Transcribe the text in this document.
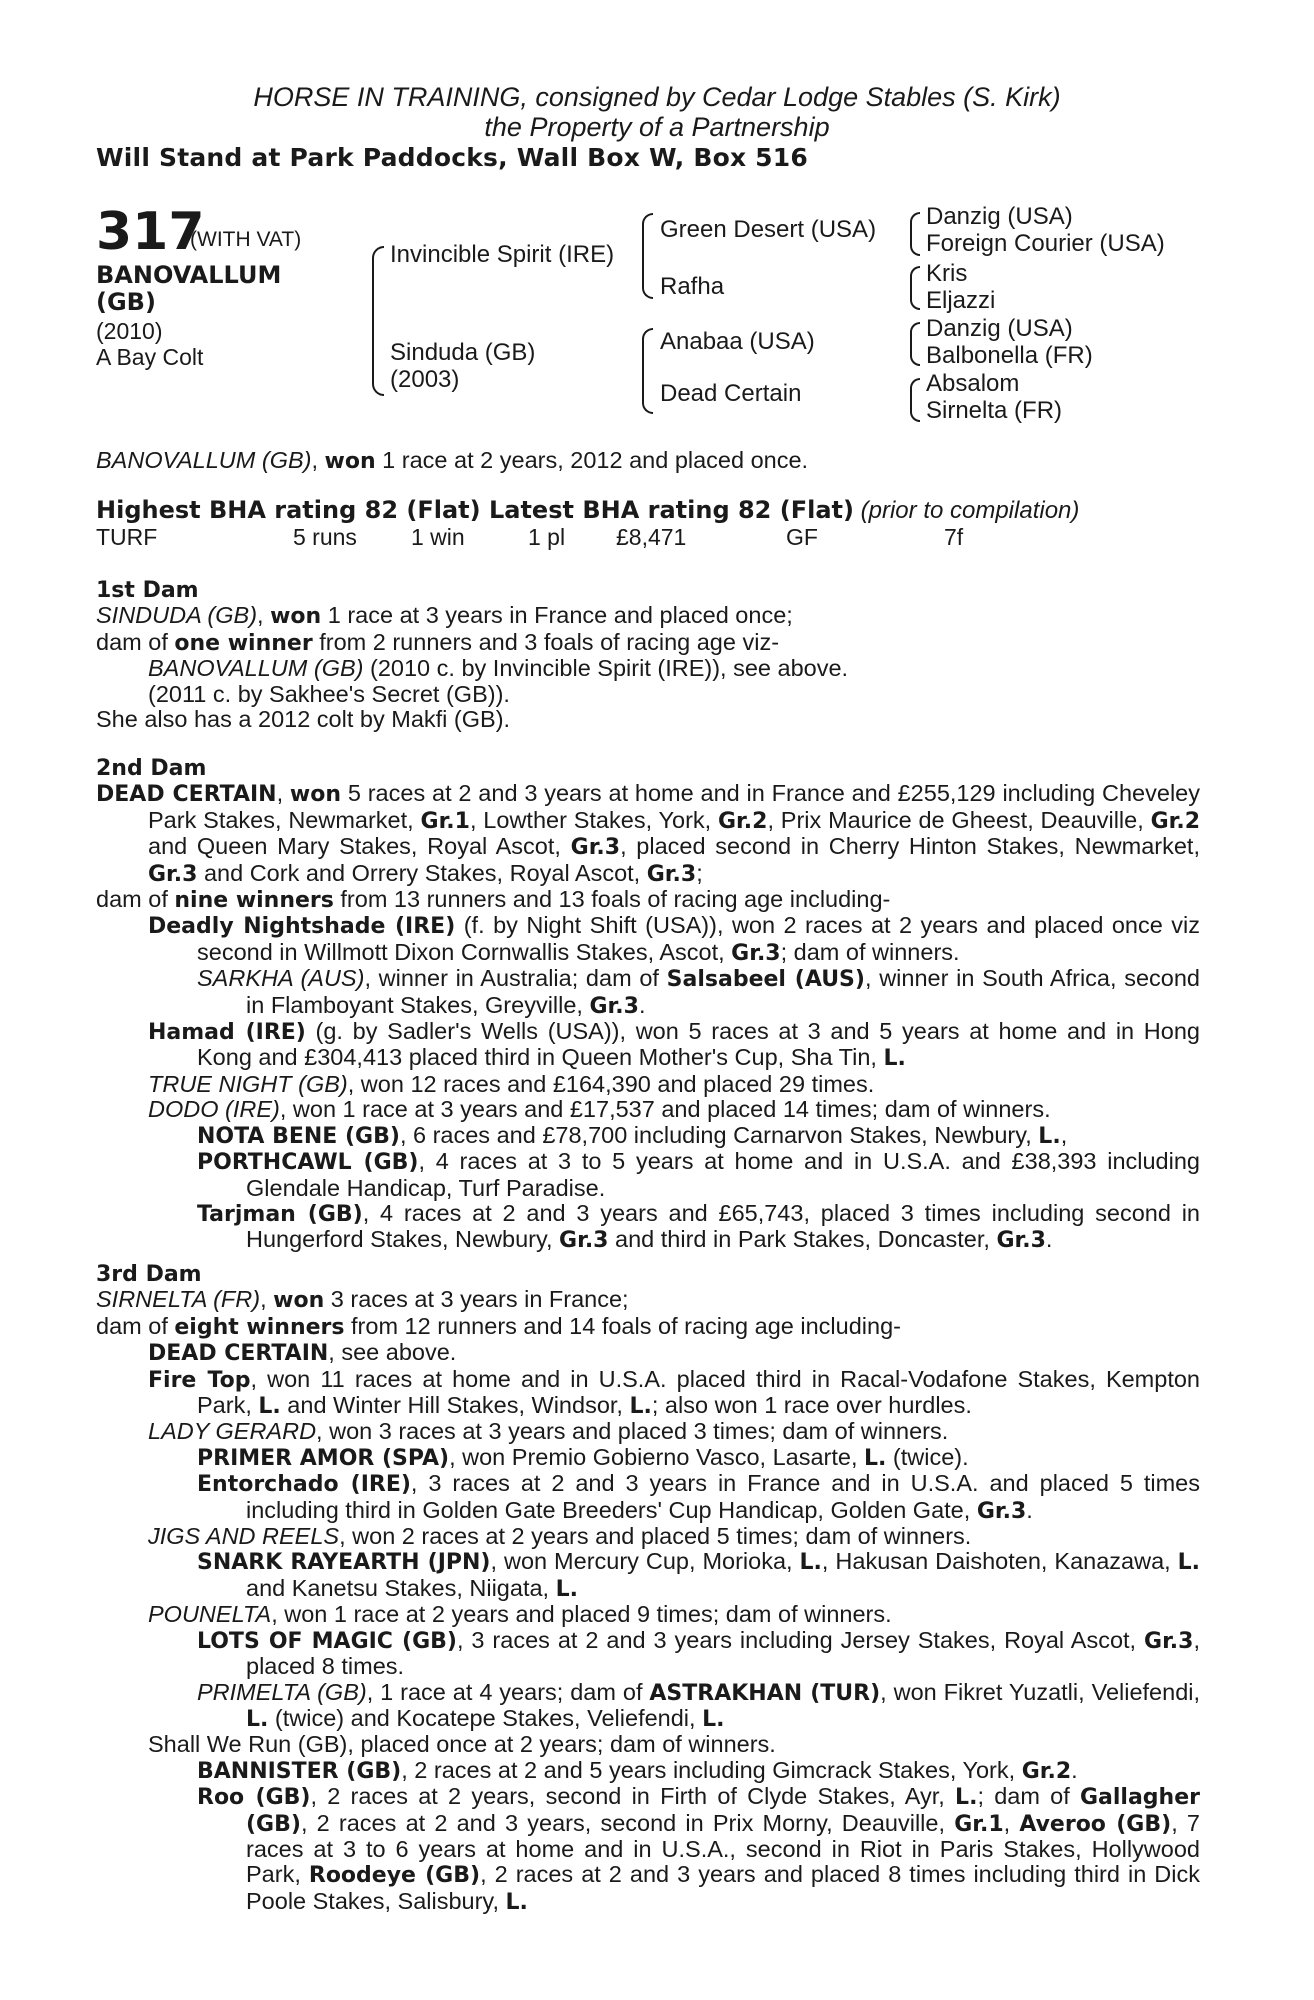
HORSE IN TRAINING, consigned by Cedar Lodge Stables (S. Kirk)
the Property of a Partnership
Will Stand at Park Paddocks, Wall Box W, Box 516
317
(WITH VAT)
BANOVALLUM
(GB)
(2010)
A Bay Colt
Invincible Spirit (IRE)
Sinduda (GB)
(2003)
Green Desert (USA)
Rafha
Anabaa (USA)
Dead Certain
Danzig (USA)
Foreign Courier (USA)
Kris
Eljazzi
Danzig (USA)
Balbonella (FR)
Absalom
Sirnelta (FR)
BANOVALLUM (GB), won 1 race at 2 years, 2012 and placed once.
Highest BHA rating 82 (Flat) Latest BHA rating 82 (Flat) (prior to compilation)
TURF	5 runs 1 win	1 pl £8,471	GF	7f
1st Dam
SINDUDA (GB), won 1 race at 3 years in France and placed once;
dam of one winner from 2 runners and 3 foals of racing age viz-
BANOVALLUM (GB) (2010 c. by Invincible Spirit (IRE)), see above.
(2011 c. by Sakhee's Secret (GB)).
She also has a 2012 colt by Makfi (GB).
2nd Dam
DEAD CERTAIN, won 5 races at 2 and 3 years at home and in France and £255,129 including Cheveley Park Stakes, Newmarket, Gr.1, Lowther Stakes, York, Gr.2, Prix Maurice de Gheest, Deauville, Gr.2 and Queen Mary Stakes, Royal Ascot, Gr.3, placed second in Cherry Hinton Stakes, Newmarket, Gr.3 and Cork and Orrery Stakes, Royal Ascot, Gr.3;
dam of nine winners from 13 runners and 13 foals of racing age including-
Deadly Nightshade (IRE) (f. by Night Shift (USA)), won 2 races at 2 years and placed once viz second in Willmott Dixon Cornwallis Stakes, Ascot, Gr.3; dam of winners.
SARKHA (AUS), winner in Australia; dam of Salsabeel (AUS), winner in South Africa, second in Flamboyant Stakes, Greyville, Gr.3.
Hamad (IRE) (g. by Sadler's Wells (USA)), won 5 races at 3 and 5 years at home and in Hong Kong and £304,413 placed third in Queen Mother's Cup, Sha Tin, L.
TRUE NIGHT (GB), won 12 races and £164,390 and placed 29 times.
DODO (IRE), won 1 race at 3 years and £17,537 and placed 14 times; dam of winners.
NOTA BENE (GB), 6 races and £78,700 including Carnarvon Stakes, Newbury, L.,
PORTHCAWL (GB), 4 races at 3 to 5 years at home and in U.S.A. and £38,393 including Glendale Handicap, Turf Paradise.
Tarjman (GB), 4 races at 2 and 3 years and £65,743, placed 3 times including second in Hungerford Stakes, Newbury, Gr.3 and third in Park Stakes, Doncaster, Gr.3.
3rd Dam
SIRNELTA (FR), won 3 races at 3 years in France;
dam of eight winners from 12 runners and 14 foals of racing age including-
DEAD CERTAIN, see above.
Fire Top, won 11 races at home and in U.S.A. placed third in Racal-Vodafone Stakes, Kempton Park, L. and Winter Hill Stakes, Windsor, L.; also won 1 race over hurdles.
LADY GERARD, won 3 races at 3 years and placed 3 times; dam of winners.
PRIMER AMOR (SPA), won Premio Gobierno Vasco, Lasarte, L. (twice).
Entorchado (IRE), 3 races at 2 and 3 years in France and in U.S.A. and placed 5 times including third in Golden Gate Breeders' Cup Handicap, Golden Gate, Gr.3.
JIGS AND REELS, won 2 races at 2 years and placed 5 times; dam of winners.
SNARK RAYEARTH (JPN), won Mercury Cup, Morioka, L., Hakusan Daishoten, Kanazawa, L. and Kanetsu Stakes, Niigata, L.
POUNELTA, won 1 race at 2 years and placed 9 times; dam of winners.
LOTS OF MAGIC (GB), 3 races at 2 and 3 years including Jersey Stakes, Royal Ascot, Gr.3, placed 8 times.
PRIMELTA (GB), 1 race at 4 years; dam of ASTRAKHAN (TUR), won Fikret Yuzatli, Veliefendi, L. (twice) and Kocatepe Stakes, Veliefendi, L.
Shall We Run (GB), placed once at 2 years; dam of winners.
BANNISTER (GB), 2 races at 2 and 5 years including Gimcrack Stakes, York, Gr.2.
Roo (GB), 2 races at 2 years, second in Firth of Clyde Stakes, Ayr, L.; dam of Gallagher (GB), 2 races at 2 and 3 years, second in Prix Morny, Deauville, Gr.1, Averoo (GB), 7 races at 3 to 6 years at home and in U.S.A., second in Riot in Paris Stakes, Hollywood Park, Roodeye (GB), 2 races at 2 and 3 years and placed 8 times including third in Dick Poole Stakes, Salisbury, L.
